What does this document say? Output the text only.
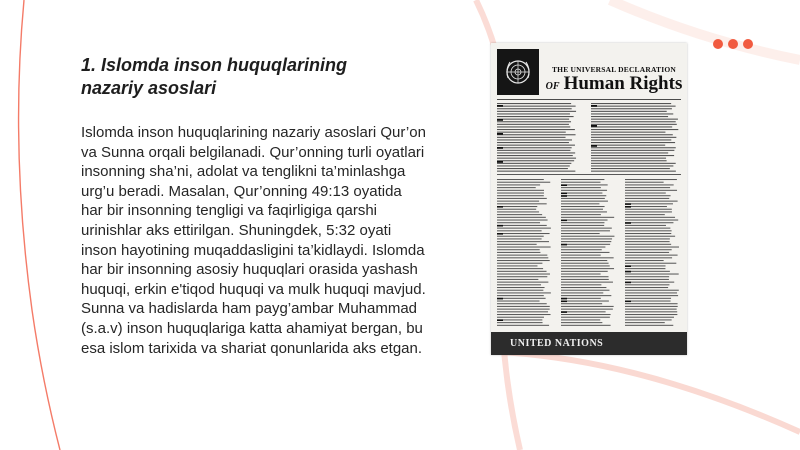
1. Islomda inson huquqlarining nazariy asoslari

Islomda inson huquqlarining nazariy asoslari Qur’on va Sunna orqali belgilanadi. Qur’onning turli oyatlari insonning sha’ni, adolat va tenglikni ta’minlashga urg’u beradi. Masalan, Qur’onning 49:13 oyatida har bir insonning tengligi va faqirligiga qarshi urinishlar aks ettirilgan. Shuningdek, 5:32 oyati inson hayotining muqaddasligini ta’kidlaydi. Islomda har bir insonning asosiy huquqlari orasida yashash huquqi, erkin e'tiqod huquqi va mulk huquqi mavjud. Sunna va hadislarda ham payg’ambar Muhammad (s.a.v) inson huquqlariga katta ahamiyat bergan, bu esa islom tarixida va shariat qonunlarida aks etgan.

THE UNIVERSAL DECLARATION
OF Human Rights
UNITED NATIONS
